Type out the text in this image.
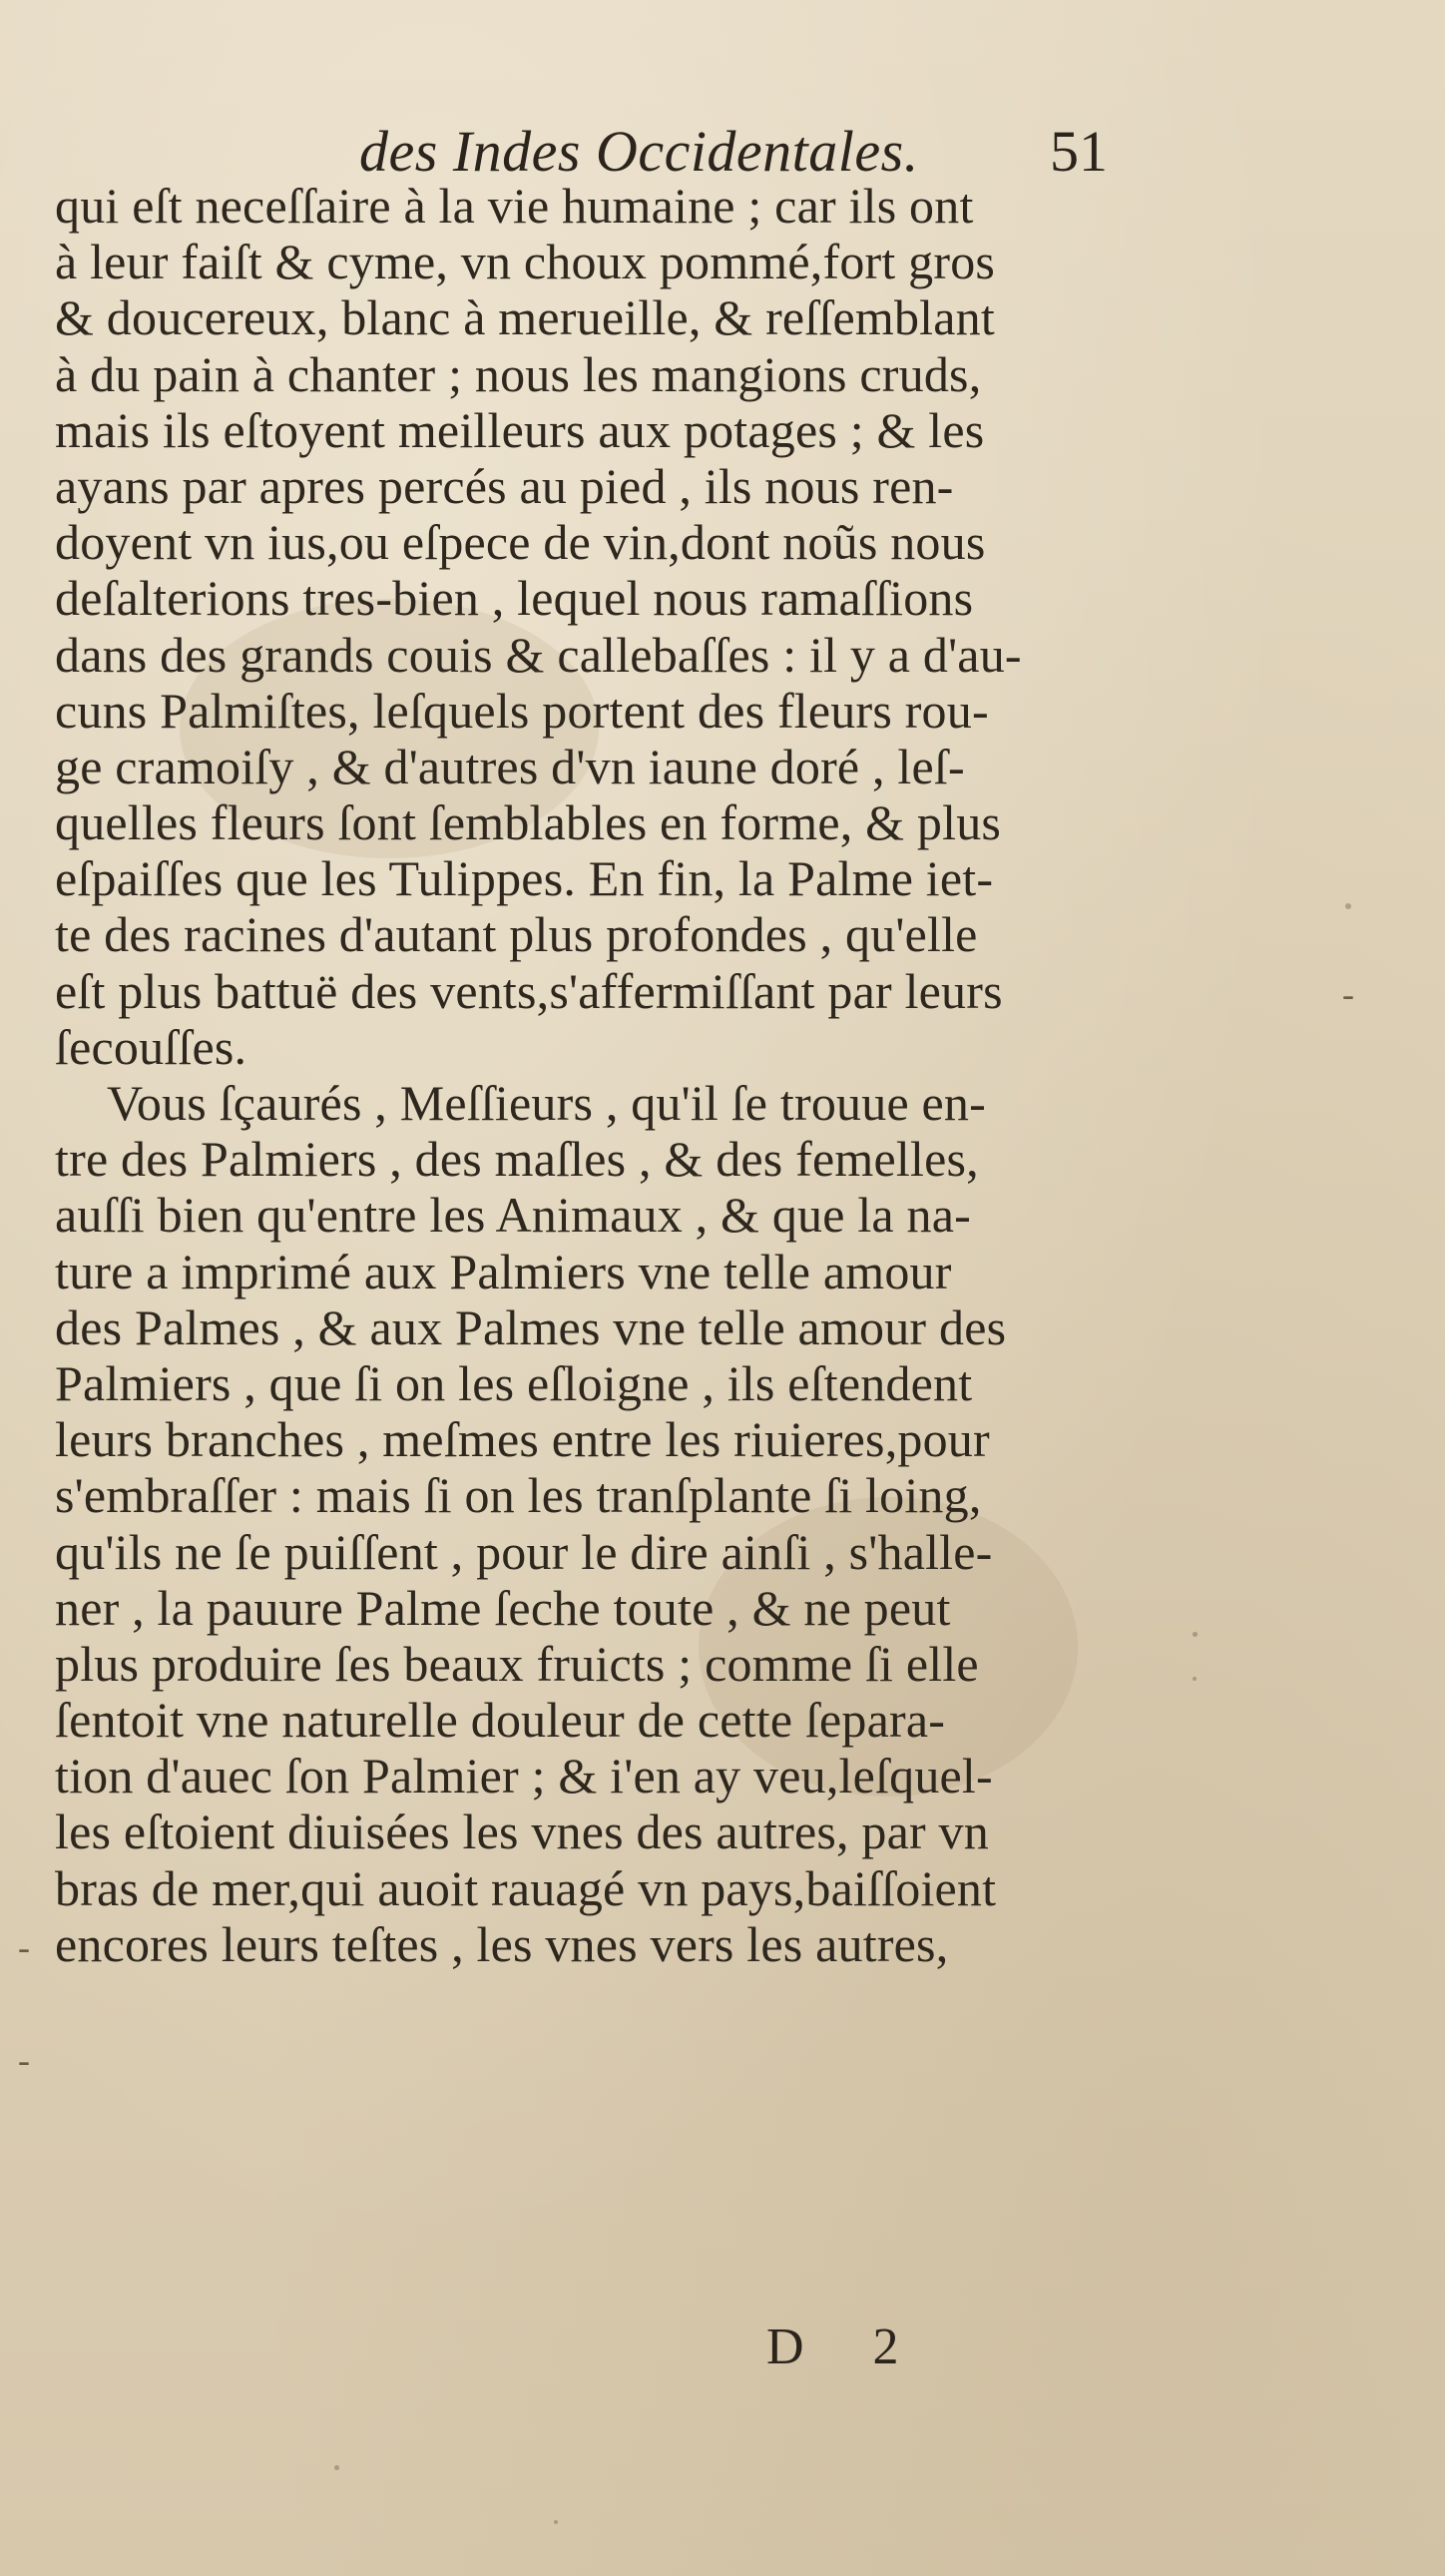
-
-
-
des Indes Occidentales. 51
qui eſt neceſſaire à la vie humaine ; car ils ont
à leur faiſt & cyme, vn choux pommé,fort gros
& doucereux, blanc à merueille, & reſſemblant
à du pain à chanter ; nous les mangions cruds,
mais ils eſtoyent meilleurs aux potages ; & les
ayans par apres percés au pied , ils nous ren-
doyent vn ius,ou eſpece de vin,dont noũs nous
deſalterions tres-bien , lequel nous ramaſſions
dans des grands couis & callebaſſes : il y a d'au-
cuns Palmiſtes, leſquels portent des fleurs rou-
ge cramoiſy , & d'autres d'vn iaune doré , leſ-
quelles fleurs ſont ſemblables en forme, & plus
eſpaiſſes que les Tulippes. En fin, la Palme iet-
te des racines d'autant plus profondes , qu'elle
eſt plus battuë des vents,s'affermiſſant par leurs
ſecouſſes.
Vous ſçaurés , Meſſieurs , qu'il ſe trouue en-
tre des Palmiers , des maſles , & des femelles,
auſſi bien qu'entre les Animaux , & que la na-
ture a imprimé aux Palmiers vne telle amour
des Palmes , & aux Palmes vne telle amour des
Palmiers , que ſi on les eſloigne , ils eſtendent
leurs branches , meſmes entre les riuieres,pour
s'embraſſer : mais ſi on les tranſplante ſi loing,
qu'ils ne ſe puiſſent , pour le dire ainſi , s'halle-
ner , la pauure Palme ſeche toute , & ne peut
plus produire ſes beaux fruicts ; comme ſi elle
ſentoit vne naturelle douleur de cette ſepara-
tion d'auec ſon Palmier ; & i'en ay veu,leſquel-
les eſtoient diuisées les vnes des autres, par vn
bras de mer,qui auoit rauagé vn pays,baiſſoient
encores leurs teſtes , les vnes vers les autres,
D 2
